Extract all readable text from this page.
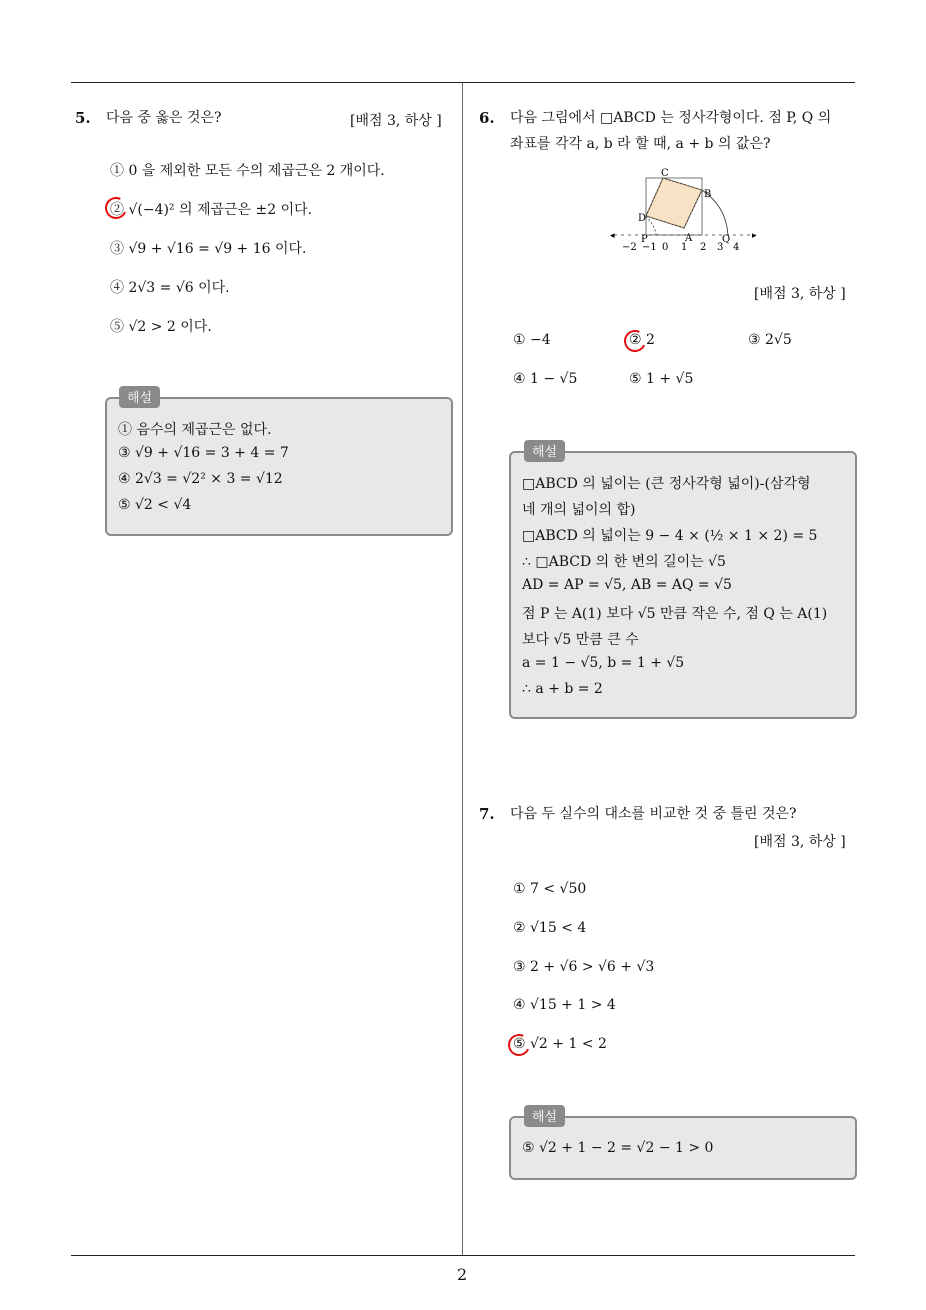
5. 다음 중 옳은 것은?	[배점 3, 하상 ]
① 0 을 제외한 모든 수의 제곱근은 2 개이다.
② √(−4)² 의 제곱근은 ±2 이다.
③ √9 + √16 = √9 + 16 이다.
④ 2√3 = √6 이다.
⑤ √2 > 2 이다.
① 음수의 제곱근은 없다.
③ √9 + √16 = 3 + 4 = 7
④ 2√3 = √2² × 3 = √12
⑤ √2 < √4
해설
6. 다음 그림에서 □ABCD 는 정사각형이다. 점 P, Q 의
좌표를 각각 a, b 라 할 때, a + b 의 값은?
◂	▸
C
B
D
A
P	Q
−2 −1 0 1 2 3 4
[배점 3, 하상 ]
① −4	② 2	③ 2√5
④ 1 − √5	⑤ 1 + √5
□ABCD 의 넓이는 (큰 정사각형 넓이)-(삼각형
네 개의 넓이의 합)
□ABCD 의 넓이는 9 − 4 × (½ × 1 × 2) = 5
∴ □ABCD 의 한 변의 길이는 √5
AD = AP = √5, AB = AQ = √5
점 P 는 A(1) 보다 √5 만큼 작은 수, 점 Q 는 A(1)
보다 √5 만큼 큰 수
a = 1 − √5, b = 1 + √5
∴ a + b = 2
해설
7. 다음 두 실수의 대소를 비교한 것 중 틀린 것은?
[배점 3, 하상 ]
① 7 < √50
② √15 < 4
③ 2 + √6 > √6 + √3
④ √15 + 1 > 4
⑤ √2 + 1 < 2
⑤ √2 + 1 − 2 = √2 − 1 > 0
해설
2
